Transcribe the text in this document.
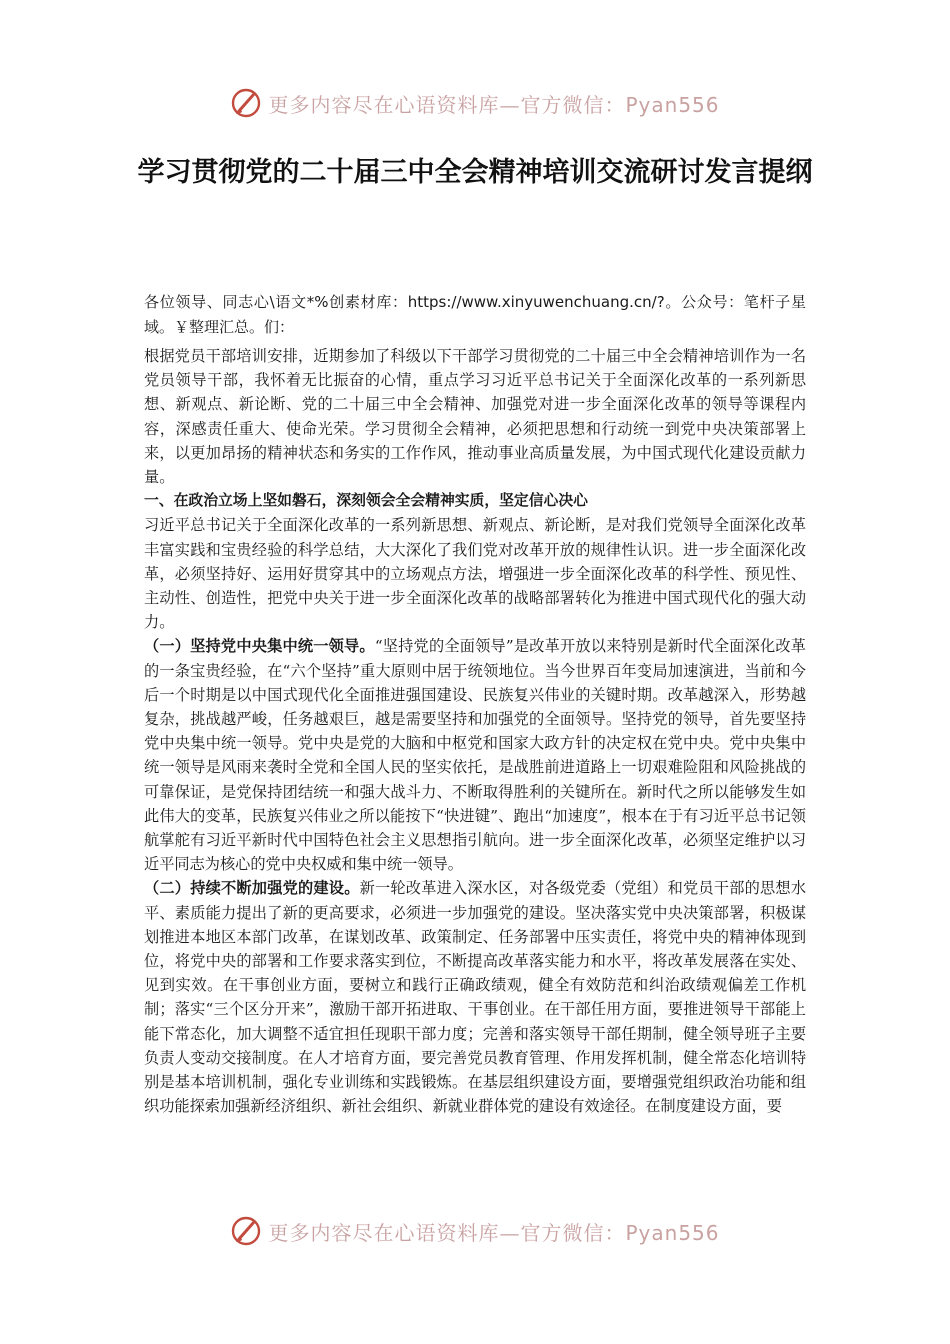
更多内容尽在心语资料库—官方微信：Pyan556
学习贯彻党的二十届三中全会精神培训交流研讨发言提纲

各位领导、同志心\语文*%创素材库：https://www.xinyuwenchuang.cn/?。公众号：笔杆子星域。￥整理汇总。们：

根据党员干部培训安排，近期参加了科级以下干部学习贯彻党的二十届三中全会精神培训作为一名党员领导干部，我怀着无比振奋的心情，重点学习习近平总书记关于全面深化改革的一系列新思想、新观点、新论断、党的二十届三中全会精神、加强党对进一步全面深化改革的领导等课程内容，深感责任重大、使命光荣。学习贯彻全会精神，必须把思想和行动统一到党中央决策部署上来，以更加昂扬的精神状态和务实的工作作风，推动事业高质量发展，为中国式现代化建设贡献力量。

一、在政治立场上坚如磐石，深刻领会全会精神实质，坚定信心决心

习近平总书记关于全面深化改革的一系列新思想、新观点、新论断，是对我们党领导全面深化改革丰富实践和宝贵经验的科学总结，大大深化了我们党对改革开放的规律性认识。进一步全面深化改革，必须坚持好、运用好贯穿其中的立场观点方法，增强进一步全面深化改革的科学性、预见性、主动性、创造性，把党中央关于进一步全面深化改革的战略部署转化为推进中国式现代化的强大动力。

（一）坚持党中央集中统一领导。“坚持党的全面领导”是改革开放以来特别是新时代全面深化改革的一条宝贵经验，在“六个坚持”重大原则中居于统领地位。当今世界百年变局加速演进，当前和今后一个时期是以中国式现代化全面推进强国建设、民族复兴伟业的关键时期。改革越深入，形势越复杂，挑战越严峻，任务越艰巨，越是需要坚持和加强党的全面领导。坚持党的领导，首先要坚持党中央集中统一领导。党中央是党的大脑和中枢党和国家大政方针的决定权在党中央。党中央集中统一领导是风雨来袭时全党和全国人民的坚实依托，是战胜前进道路上一切艰难险阻和风险挑战的可靠保证，是党保持团结统一和强大战斗力、不断取得胜利的关键所在。新时代之所以能够发生如此伟大的变革，民族复兴伟业之所以能按下“快进键”、跑出“加速度”，根本在于有习近平总书记领航掌舵有习近平新时代中国特色社会主义思想指引航向。进一步全面深化改革，必须坚定维护以习近平同志为核心的党中央权威和集中统一领导。

（二）持续不断加强党的建设。新一轮改革进入深水区，对各级党委（党组）和党员干部的思想水平、素质能力提出了新的更高要求，必须进一步加强党的建设。坚决落实党中央决策部署，积极谋划推进本地区本部门改革，在谋划改革、政策制定、任务部署中压实责任，将党中央的精神体现到位，将党中央的部署和工作要求落实到位，不断提高改革落实能力和水平，将改革发展落在实处、见到实效。在干事创业方面，要树立和践行正确政绩观，健全有效防范和纠治政绩观偏差工作机制；落实“三个区分开来”，激励干部开拓进取、干事创业。在干部任用方面，要推进领导干部能上能下常态化，加大调整不适宜担任现职干部力度；完善和落实领导干部任期制，健全领导班子主要负责人变动交接制度。在人才培育方面，要完善党员教育管理、作用发挥机制，健全常态化培训特别是基本培训机制，强化专业训练和实践锻炼。在基层组织建设方面，要增强党组织政治功能和组织功能探索加强新经济组织、新社会组织、新就业群体党的建设有效途径。在制度建设方面，要

更多内容尽在心语资料库—官方微信：Pyan556
